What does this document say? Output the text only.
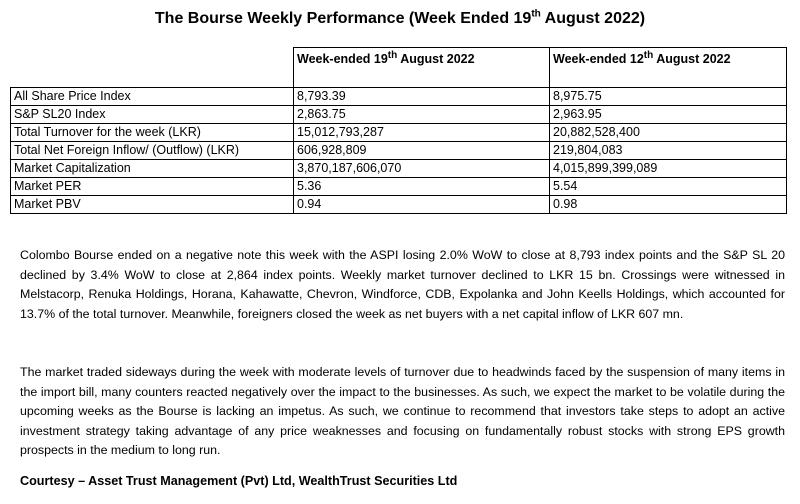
The Bourse Weekly Performance (Week Ended 19th August 2022)
	Week-ended 19th August 2022	Week-ended 12th August 2022
All Share Price Index	8,793.39	8,975.75
S&P SL20 Index	2,863.75	2,963.95
Total Turnover for the week (LKR)	15,012,793,287	20,882,528,400
Total Net Foreign Inflow/ (Outflow) (LKR)	606,928,809	219,804,083
Market Capitalization	3,870,187,606,070	4,015,899,399,089
Market PER	5.36	5.54
Market PBV	0.94	0.98

Colombo Bourse ended on a negative note this week with the ASPI losing 2.0% WoW to close at 8,793 index points and the S&P SL 20 declined by 3.4% WoW to close at 2,864 index points. Weekly market turnover declined to LKR 15 bn. Crossings were witnessed in Melstacorp, Renuka Holdings, Horana, Kahawatte, Chevron, Windforce, CDB, Expolanka and John Keells Holdings, which accounted for 13.7% of the total turnover. Meanwhile, foreigners closed the week as net buyers with a net capital inflow of LKR 607 mn.

The market traded sideways during the week with moderate levels of turnover due to headwinds faced by the suspension of many items in the import bill, many counters reacted negatively over the impact to the businesses. As such, we expect the market to be volatile during the upcoming weeks as the Bourse is lacking an impetus. As such, we continue to recommend that investors take steps to adopt an active investment strategy taking advantage of any price weaknesses and focusing on fundamentally robust stocks with strong EPS growth prospects in the medium to long run.

Courtesy – Asset Trust Management (Pvt) Ltd, WealthTrust Securities Ltd
